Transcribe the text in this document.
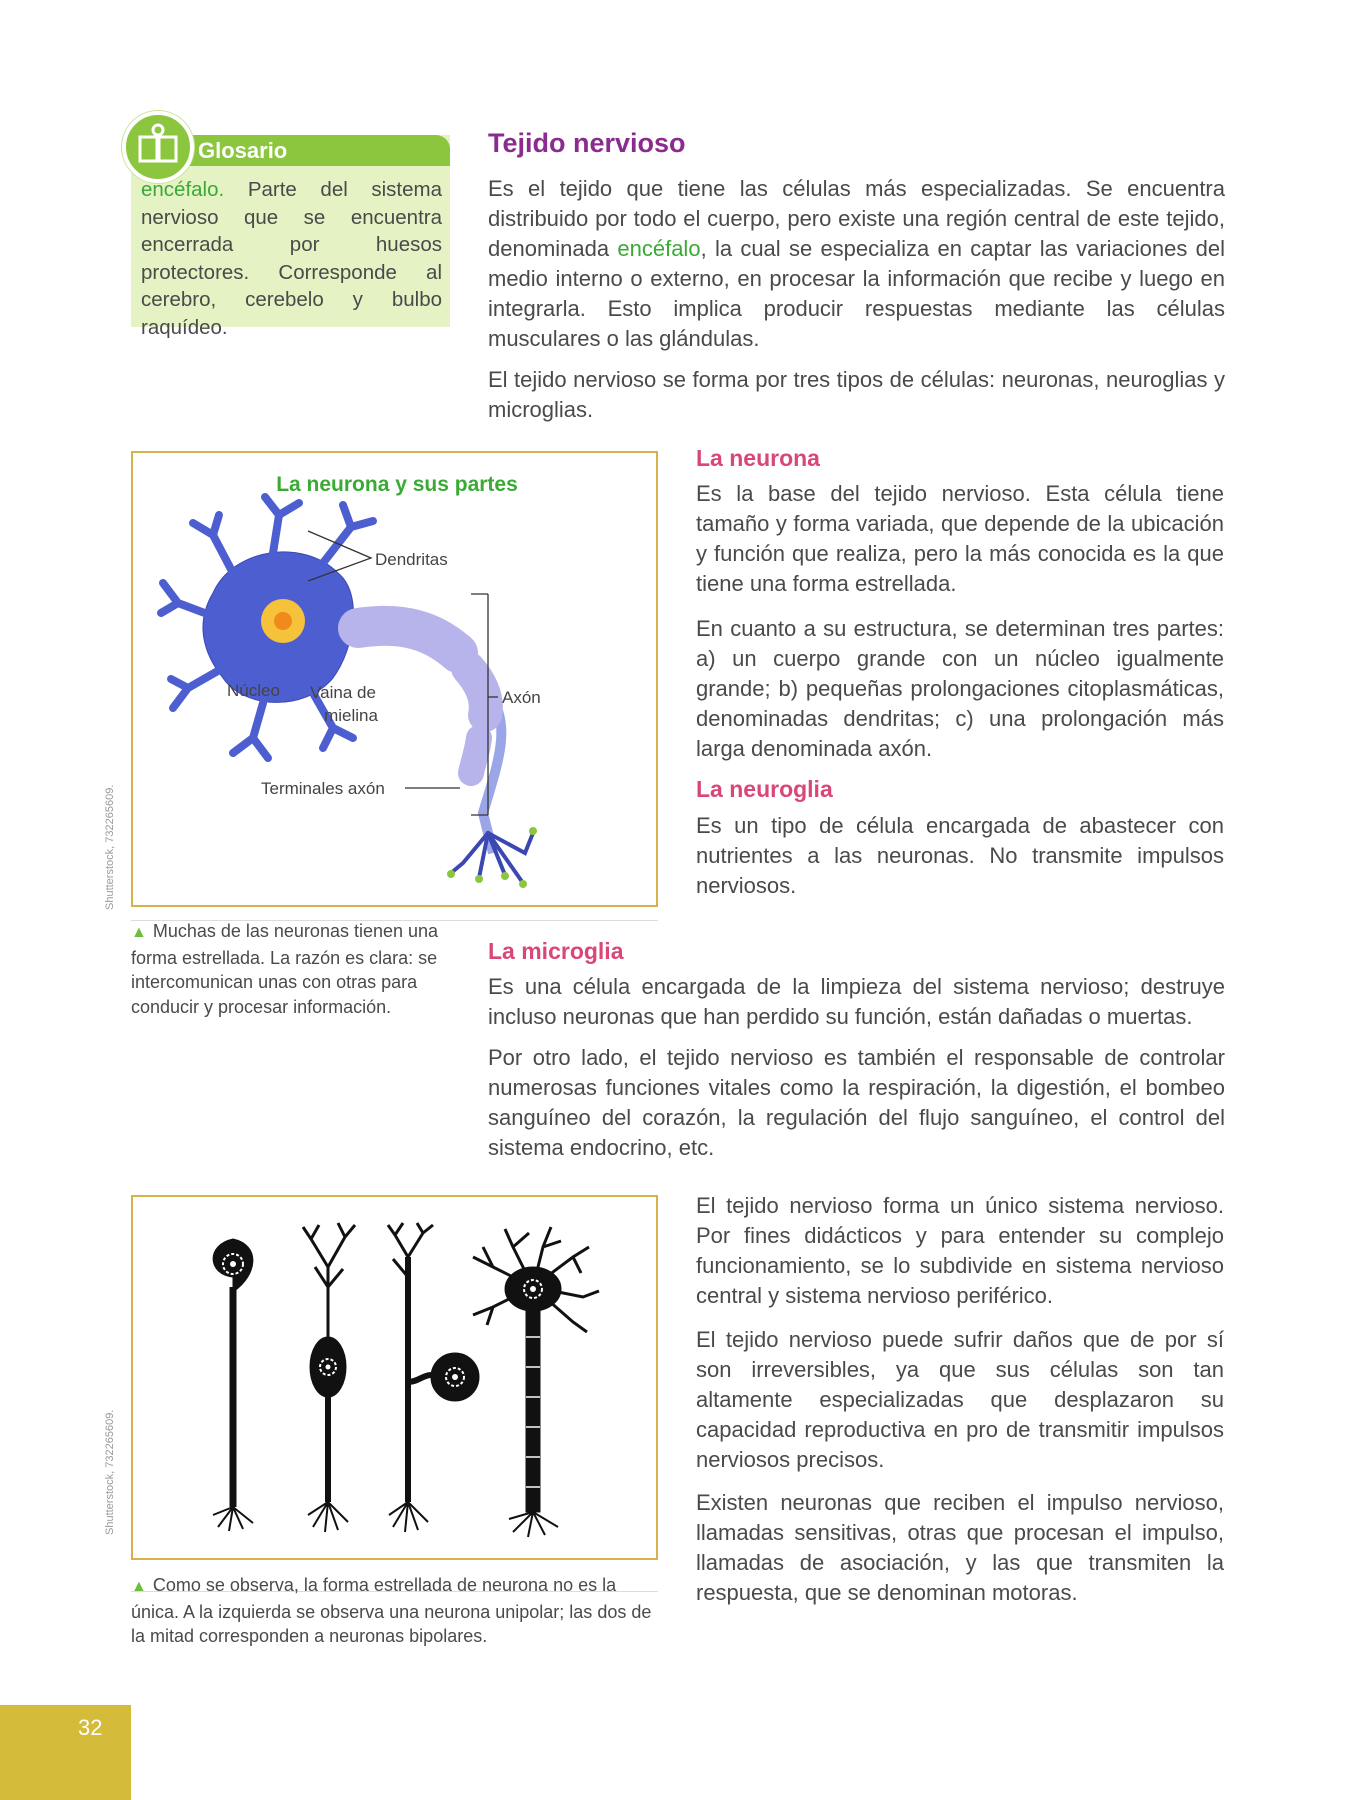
Glosario

encéfalo. Parte del sistema nervioso que se encuentra encerrada por huesos protectores. Corresponde al cerebro, cerebelo y bulbo raquídeo.

Tejido nervioso

Es el tejido que tiene las células más especializadas. Se encuentra distribuido por todo el cuerpo, pero existe una región central de este tejido, denominada encéfalo, la cual se especializa en captar las variaciones del medio interno o externo, en procesar la información que recibe y luego en integrarla. Esto implica producir respuestas mediante las células musculares o las glándulas.

El tejido nervioso se forma por tres tipos de células: neuronas, neuroglias y microglias.

La neurona y sus partes
Dendritas
Núcleo Vaina de
mielina
Axón
Terminales axón
Shutterstock, 732265609.
▲ Muchas de las neuronas tienen una forma estrellada. La razón es clara: se intercomunican unas con otras para conducir y procesar información.
La neurona

Es la base del tejido nervioso. Esta célula tiene tamaño y forma variada, que depende de la ubicación y función que realiza, pero la más conocida es la que tiene una forma estrellada.

En cuanto a su estructura, se determinan tres partes: a) un cuerpo grande con un núcleo igualmente grande; b) pequeñas prolongaciones citoplasmáticas, denominadas dendritas; c) una prolongación más larga denominada axón.

La neuroglia

Es un tipo de célula encargada de abastecer con nutrientes a las neuronas. No transmite impulsos nerviosos.

La microglia

Es una célula encargada de la limpieza del sistema nervioso; destruye incluso neuronas que han perdido su función, están dañadas o muertas.

Por otro lado, el tejido nervioso es también el responsable de controlar numerosas funciones vitales como la respiración, la digestión, el bombeo sanguíneo del corazón, la regulación del flujo sanguíneo, el control del sistema endocrino, etc.

Shutterstock, 732265609.
▲ Como se observa, la forma estrellada de neurona no es la única. A la izquierda se observa una neurona unipolar; las dos de la mitad corresponden a neuronas bipolares.

El tejido nervioso forma un único sistema nervioso. Por fines didácticos y para entender su complejo funcionamiento, se lo subdivide en sistema nervioso central y sistema nervioso periférico.

El tejido nervioso puede sufrir daños que de por sí son irreversibles, ya que sus células son tan altamente especializadas que desplazaron su capacidad reproductiva en pro de transmitir impulsos nerviosos precisos.

Existen neuronas que reciben el impulso nervioso, llamadas sensitivas, otras que procesan el impulso, llamadas de asociación, y las que transmiten la respuesta, que se denominan motoras.

32
